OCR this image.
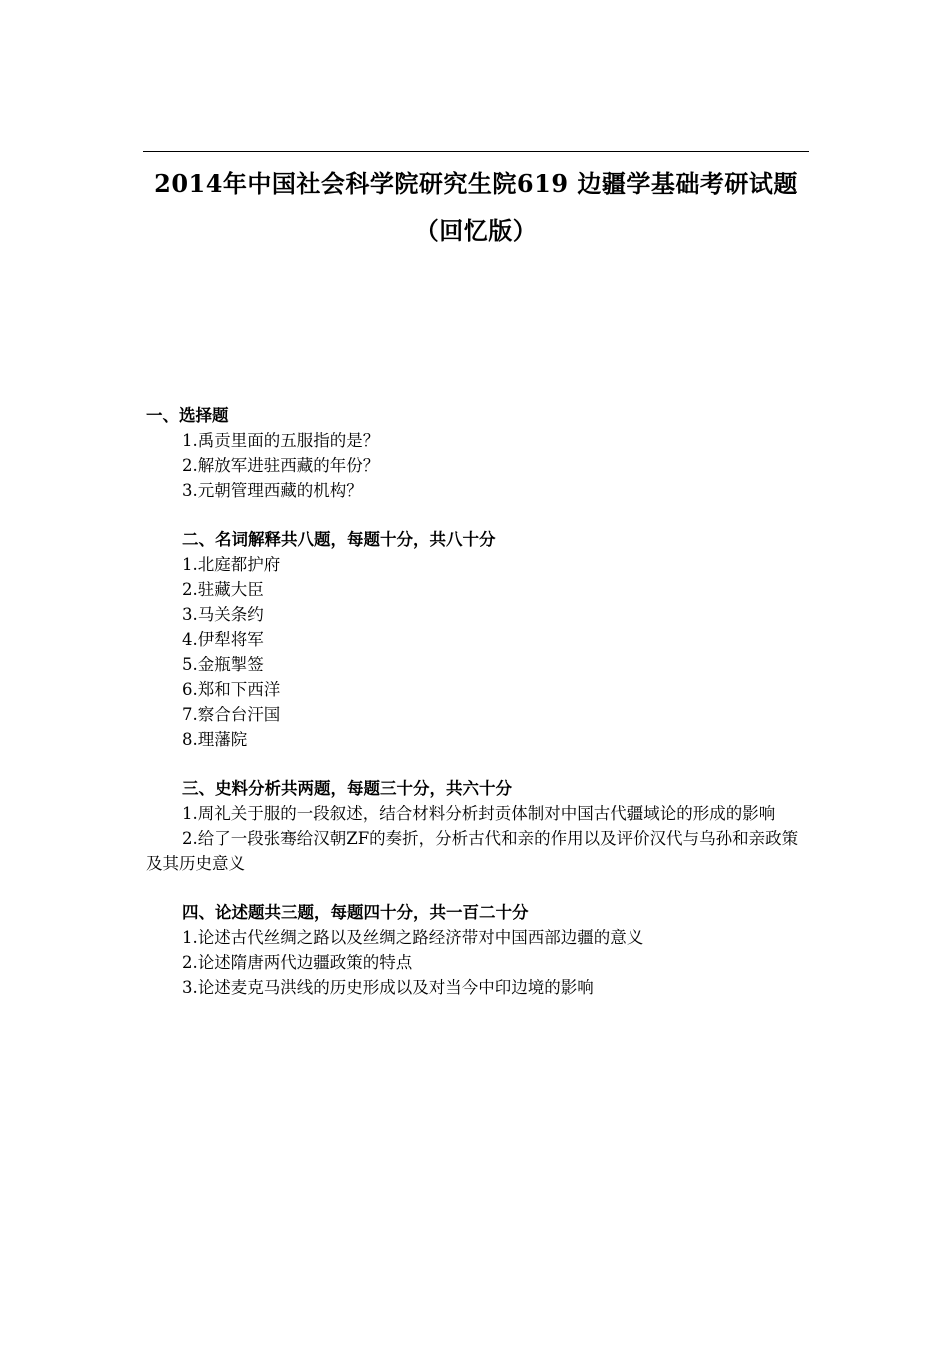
2014年中国社会科学院研究生院619 边疆学基础考研试题
（回忆版）
一、选择题
1.禹贡里面的五服指的是？
2.解放军进驻西藏的年份？
3.元朝管理西藏的机构？
二、名词解释共八题，每题十分，共八十分
1.北庭都护府
2.驻藏大臣
3.马关条约
4.伊犁将军
5.金瓶掣签
6.郑和下西洋
7.察合台汗国
8.理藩院
三、史料分析共两题，每题三十分，共六十分
1.周礼关于服的一段叙述，结合材料分析封贡体制对中国古代疆域论的形成的影响
2.给了一段张骞给汉朝ZF的奏折，分析古代和亲的作用以及评价汉代与乌孙和亲政策及其历史意义
四、论述题共三题，每题四十分，共一百二十分
1.论述古代丝绸之路以及丝绸之路经济带对中国西部边疆的意义
2.论述隋唐两代边疆政策的特点
3.论述麦克马洪线的历史形成以及对当今中印边境的影响
